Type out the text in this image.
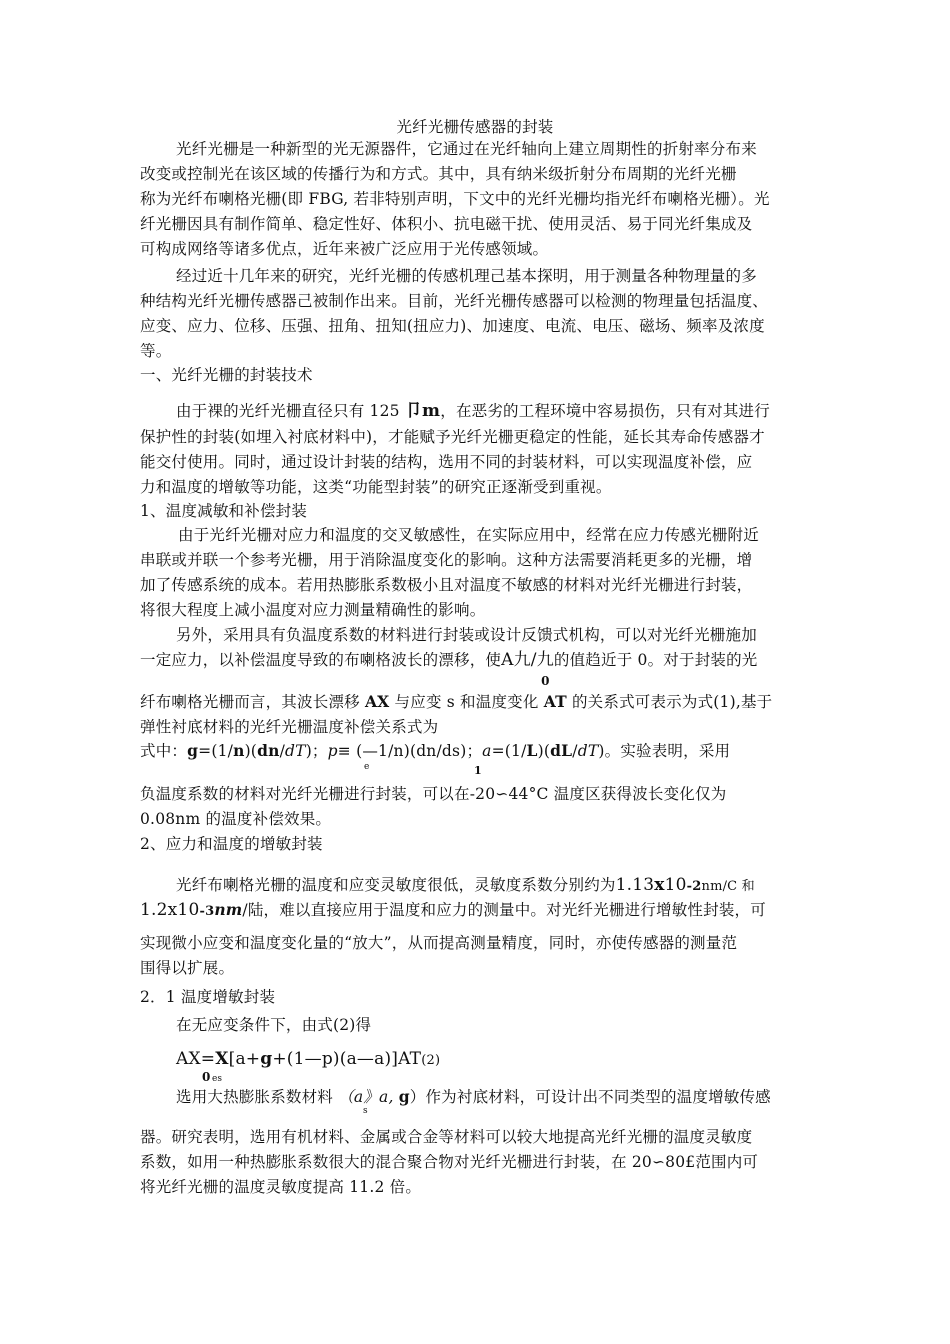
光纤光栅传感器的封装
光纤光栅是一种新型的光无源器件，它通过在光纤轴向上建立周期性的折射率分布来
改变或控制光在该区域的传播行为和方式。其中，具有纳米级折射分布周期的光纤光栅
称为光纤布喇格光栅(即 FBG, 若非特别声明，下文中的光纤光栅均指光纤布喇格光栅）。光
纤光栅因具有制作简单、稳定性好、体积小、抗电磁干扰、使用灵活、易于同光纤集成及
可构成网络等诸多优点，近年来被广泛应用于光传感领域。
经过近十几年来的研究，光纤光栅的传感机理己基本探明，用于测量各种物理量的多
种结构光纤光栅传感器己被制作出来。目前，光纤光栅传感器可以检测的物理量包括温度、
应变、应力、位移、压强、扭角、扭知(扭应力)、加速度、电流、电压、磁场、频率及浓度
等。
一、光纤光栅的封装技术
由于裸的光纤光栅直径只有 125 卩m，在恶劣的工程环境中容易损伤，只有对其进行
保护性的封装(如埋入衬底材料中)，才能赋予光纤光栅更稳定的性能，延长其寿命传感器才
能交付使用。同时，通过设计封装的结构，选用不同的封装材料，可以实现温度补偿，应
力和温度的增敏等功能，这类“功能型封装”的研究正逐渐受到重视。
1、温度减敏和补偿封装
由于光纤光栅对应力和温度的交叉敏感性，在实际应用中，经常在应力传感光栅附近
串联或并联一个参考光栅，用于消除温度变化的影响。这种方法需要消耗更多的光栅，增
加了传感系统的成本。若用热膨胀系数极小且对温度不敏感的材料对光纤光栅进行封装，
将很大程度上减小温度对应力测量精确性的影响。
另外，采用具有负温度系数的材料进行封装或设计反馈式机构，可以对光纤光栅施加
一定应力，以补偿温度导致的布喇格波长的漂移，使Α九/九
0
的值趋近于 0。对于封装的光
纤布喇格光栅而言，其波长漂移 AX 与应变 s 和温度变化 AT 的关系式可表示为式(1),基于
弹性衬底材料的光纤光栅温度补偿关系式为
式中：g=(1/n)(dn/dT)；p≡ (—1/n)(dn/ds)；a=(1/L)(dL/dT)。实验表明，采用
e	1
负温度系数的材料对光纤光栅进行封装，可以在-20∽44°C 温度区获得波长变化仅为
0.08nm 的温度补偿效果。
2、应力和温度的增敏封装
光纤布喇格光栅的温度和应变灵敏度很低，灵敏度系数分别约为1.13x10-2nm/C 和
1.2x10-3nm/陆，难以直接应用于温度和应力的测量中。对光纤光栅进行增敏性封装，可
实现微小应变和温度变化量的“放大”，从而提高测量精度，同时，亦使传感器的测量范
围得以扩展。
2．1 温度增敏封装
在无应变条件下，由式(2)得
AX=X[a+g+(1—p)(a—a)]AT(2)
0 es
选用大热膨胀系数材料 （a》a, g）作为衬底材料，可设计出不同类型的温度增敏传感
s
器。研究表明，选用有机材料、金属或合金等材料可以较大地提高光纤光栅的温度灵敏度
系数，如用一种热膨胀系数很大的混合聚合物对光纤光栅进行封装，在 20∽80£范围内可
将光纤光栅的温度灵敏度提高 11.2 倍。
